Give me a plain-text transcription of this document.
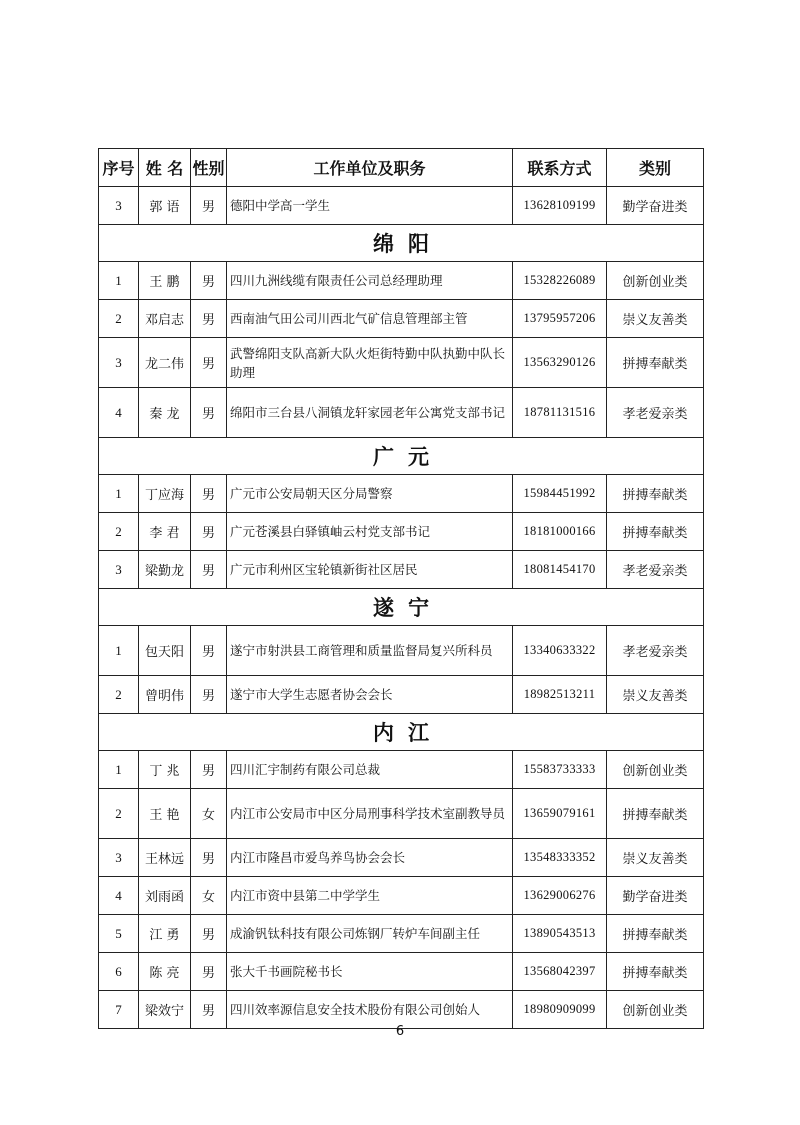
序号	姓 名	性别	工作单位及职务	联系方式	类别
3	郭 语	男	德阳中学高一学生	13628109199	勤学奋进类
绵阳					
1	王 鹏	男	四川九洲线缆有限责任公司总经理助理	15328226089	创新创业类
2	邓启志	男	西南油气田公司川西北气矿信息管理部主管	13795957206	崇义友善类
3	龙二伟	男	武警绵阳支队高新大队火炬街特勤中队执勤中队长助理	13563290126	拼搏奉献类
4	秦 龙	男	绵阳市三台县八洞镇龙轩家园老年公寓党支部书记	18781131516	孝老爱亲类
广元					
1	丁应海	男	广元市公安局朝天区分局警察	15984451992	拼搏奉献类
2	李 君	男	广元苍溪县白驿镇岫云村党支部书记	18181000166	拼搏奉献类
3	梁勤龙	男	广元市利州区宝轮镇新街社区居民	18081454170	孝老爱亲类
遂宁					
1	包天阳	男	遂宁市射洪县工商管理和质量监督局复兴所科员	13340633322	孝老爱亲类
2	曾明伟	男	遂宁市大学生志愿者协会会长	18982513211	崇义友善类
内江					
1	丁 兆	男	四川汇宇制药有限公司总裁	15583733333	创新创业类
2	王 艳	女	内江市公安局市中区分局刑事科学技术室副教导员	13659079161	拼搏奉献类
3	王林远	男	内江市隆昌市爱鸟养鸟协会会长	13548333352	崇义友善类
4	刘雨函	女	内江市资中县第二中学学生	13629006276	勤学奋进类
5	江 勇	男	成渝钒钛科技有限公司炼钢厂转炉车间副主任	13890543513	拼搏奉献类
6	陈 亮	男	张大千书画院秘书长	13568042397	拼搏奉献类
7	梁效宁	男	四川效率源信息安全技术股份有限公司创始人	18980909099	创新创业类
6
